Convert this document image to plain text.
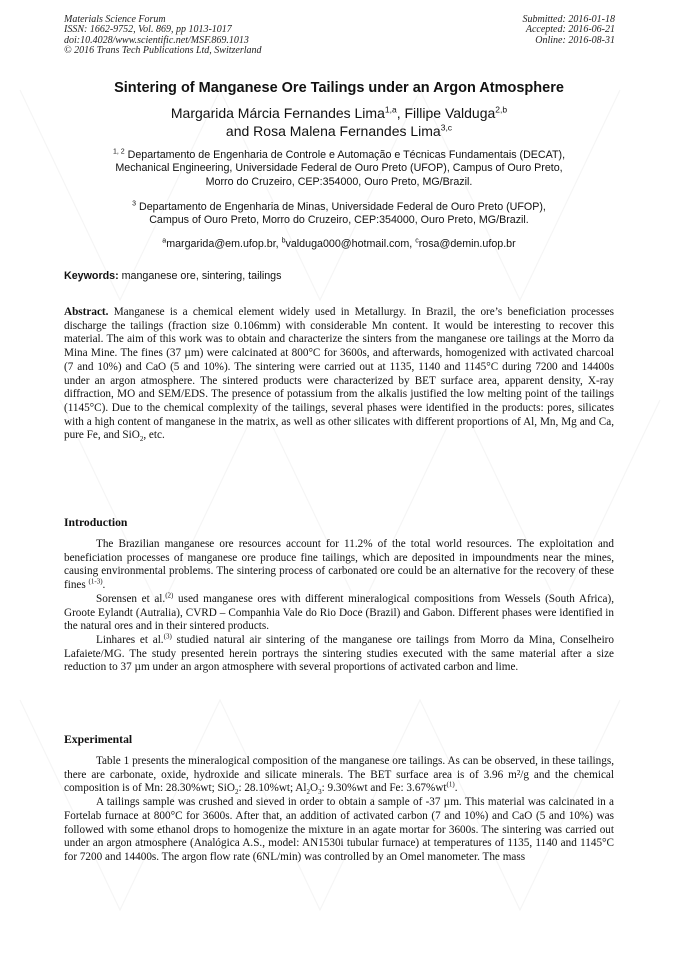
Materials Science Forum
ISSN: 1662-9752, Vol. 869, pp 1013-1017
doi:10.4028/www.scientific.net/MSF.869.1013
© 2016 Trans Tech Publications Ltd, Switzerland
Submitted: 2016-01-18
Accepted: 2016-06-21
Online: 2016-08-31
Sintering of Manganese Ore Tailings under an Argon Atmosphere
Margarida Márcia Fernandes Lima$^{1,a}$, Fillipe Valduga$^{2,b}$
and Rosa Malena Fernandes Lima$^{3,c}$
$^{1, 2}$ Departamento de Engenharia de Controle e Automação e Técnicas Fundamentais (DECAT),
Mechanical Engineering, Universidade Federal de Ouro Preto (UFOP), Campus of Ouro Preto,
Morro do Cruzeiro, CEP:354000, Ouro Preto, MG/Brazil.
$^3$ Departamento de Engenharia de Minas, Universidade Federal de Ouro Preto (UFOP),
Campus of Ouro Preto, Morro do Cruzeiro, CEP:354000, Ouro Preto, MG/Brazil.
$^a$margarida@em.ufop.br, $^b$valduga000@hotmail.com, $^c$rosa@demin.ufop.br
Keywords: manganese ore, sintering, tailings

Abstract. Manganese is a chemical element widely used in Metallurgy. In Brazil, the ore’s beneficiation processes discharge the tailings (fraction size 0.106mm) with considerable Mn content. It would be interesting to recover this material. The aim of this work was to obtain and characterize the sinters from the manganese ore tailings at the Morro da Mina Mine. The fines (37 µm) were calcinated at 800°C for 3600s, and afterwards, homogenized with activated charcoal (7 and 10%) and CaO (5 and 10%). The sintering were carried out at 1135, 1140 and 1145°C during 7200 and 14400s under an argon atmosphere. The sintered products were characterized by BET surface area, apparent density, X-ray diffraction, MO and SEM/EDS. The presence of potassium from the alkalis justified the low melting point of the tailings (1145°C). Due to the chemical complexity of the tailings, several phases were identified in the products: pores, silicates with a high content of manganese in the matrix, as well as other silicates with different proportions of Al, Mn, Mg and Ca, pure Fe, and SiO$_2$, etc.

Introduction

The Brazilian manganese ore resources account for 11.2% of the total world resources. The exploitation and beneficiation processes of manganese ore produce fine tailings, which are deposited in impoundments near the mines, causing environmental problems. The sintering process of carbonated ore could be an alternative for the recovery of these fines $^{(1-3)}$.

Sorensen et al.$^{(2)}$ used manganese ores with different mineralogical compositions from Wessels (South Africa), Groote Eylandt (Autralia), CVRD – Companhia Vale do Rio Doce (Brazil) and Gabon. Different phases were identified in the natural ores and in their sintered products.

Linhares et al.$^{(3)}$ studied natural air sintering of the manganese ore tailings from Morro da Mina, Conselheiro Lafaiete/MG. The study presented herein portrays the sintering studies executed with the same material after a size reduction to 37 µm under an argon atmosphere with several proportions of activated carbon and lime.

Experimental

Table 1 presents the mineralogical composition of the manganese ore tailings. As can be observed, in these tailings, there are carbonate, oxide, hydroxide and silicate minerals. The BET surface area is of 3.96 m²/g and the chemical composition is of Mn: 28.30%wt; SiO$_2$: 28.10%wt; $Al_2O_3$: 9.30%wt and Fe: $3.67\%wt^{(1)}$.

A tailings sample was crushed and sieved in order to obtain a sample of -37 µm. This material was calcinated in a Fortelab furnace at 800°C for 3600s. After that, an addition of activated carbon (7 and 10%) and CaO (5 and 10%) was followed with some ethanol drops to homogenize the mixture in an agate mortar for 3600s. The sintering was carried out under an argon atmosphere (Analógica A.S., model: AN1530i tubular furnace) at temperatures of 1135, 1140 and 1145°C for 7200 and 14400s. The argon flow rate (6NL/min) was controlled by an Omel manometer. The mass
